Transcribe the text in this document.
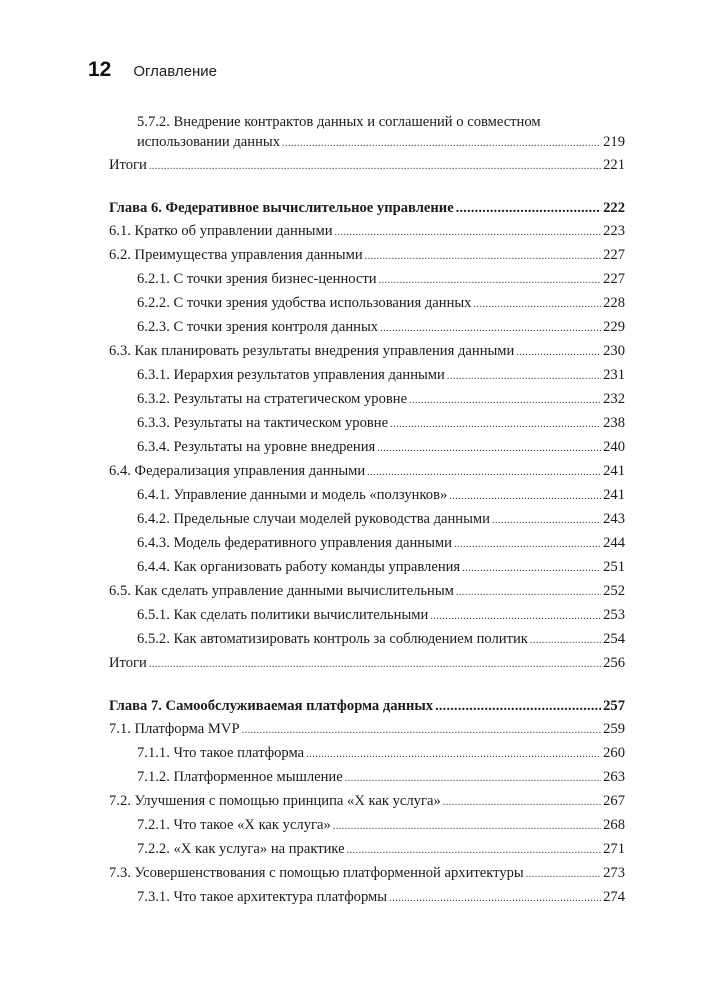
12 Оглавление
5.7.2. Внедрение контрактов данных и соглашений о совместном
использовании данных .....	219
Итоги .....	221
Глава 6. Федеративное вычислительное управление .....	222
6.1. Кратко об управлении данными .....	223
6.2. Преимущества управления данными .....	227
6.2.1. С точки зрения бизнес-ценности .....	227
6.2.2. С точки зрения удобства использования данных .....	228
6.2.3. С точки зрения контроля данных .....	229
6.3. Как планировать результаты внедрения управления данными .....	230
6.3.1. Иерархия результатов управления данными .....	231
6.3.2. Результаты на стратегическом уровне .....	232
6.3.3. Результаты на тактическом уровне .....	238
6.3.4. Результаты на уровне внедрения .....	240
6.4. Федерализация управления данными .....	241
6.4.1. Управление данными и модель «ползунков» .....	241
6.4.2. Предельные случаи моделей руководства данными .....	243
6.4.3. Модель федеративного управления данными .....	244
6.4.4. Как организовать работу команды управления .....	251
6.5. Как сделать управление данными вычислительным .....	252
6.5.1. Как сделать политики вычислительными .....	253
6.5.2. Как автоматизировать контроль за соблюдением политик .....	254
Итоги .....	256
Глава 7. Самообслуживаемая платформа данных .....	257
7.1. Платформа MVP .....	259
7.1.1. Что такое платформа .....	260
7.1.2. Платформенное мышление .....	263
7.2. Улучшения с помощью принципа «X как услуга» .....	267
7.2.1. Что такое «X как услуга» .....	268
7.2.2. «X как услуга» на практике .....	271
7.3. Усовершенствования с помощью платформенной архитектуры .....	273
7.3.1. Что такое архитектура платформы .....	274
